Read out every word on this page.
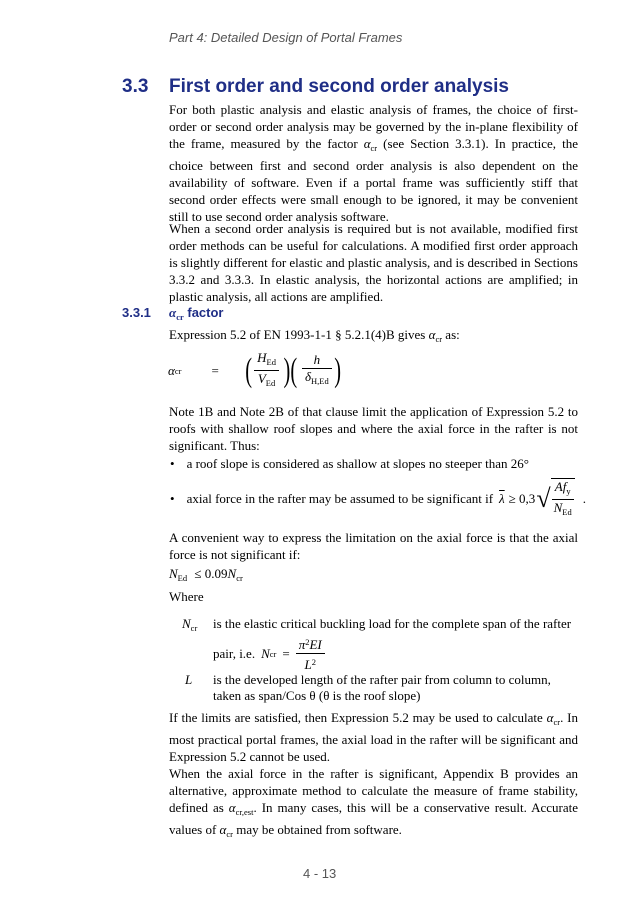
Part 4: Detailed Design of Portal Frames
3.3 First order and second order analysis

For both plastic analysis and elastic analysis of frames, the choice of first-order or second order analysis may be governed by the in-plane flexibility of the frame, measured by the factor $\alpha_{cr}$ (see Section 3.3.1). In practice, the choice between first and second order analysis is also dependent on the availability of software. Even if a portal frame was sufficiently stiff that second order effects were small enough to be ignored, it may be convenient still to use second order analysis software.

When a second order analysis is required but is not available, modified first order methods can be useful for calculations. A modified first order approach is slightly different for elastic and plastic analysis, and is described in Sections 3.3.2 and 3.3.3. In elastic analysis, the horizontal actions are amplified; in plastic analysis, all actions are amplified.
3.3.1 $\alpha_{cr}$ factor
Expression 5.2 of EN 1993-1-1 § 5.2.1(4)B gives $\alpha_{cr}$ as:
α cr = ( $\frac{H_{Ed}}{V_{Ed}}$ )( $\frac{h}{\delta_{H,Ed}}$ )
Note 1B and Note 2B of that clause limit the application of Expression 5.2 to roofs with shallow roof slopes and where the axial force in the rafter is not significant. Thus:
• a roof slope is considered as shallow at slopes no steeper than 26°
• axial force in the rafter may be assumed to be significant if $\overline{\lambda} \ge 0,3$ √ $\frac{Af_y}{N_{Ed}}$ .
A convenient way to express the limitation on the axial force is that the axial force is not significant if:
$N_{Ed} \le 0.09N_{cr}$
Where
$N_{cr}$ is the elastic critical buckling load for the complete span of the rafter
pair, i.e. N cr = $\frac{\pi^2EI}{L^2}$
L is the developed length of the rafter pair from column to column,
taken as span/Cos θ (θ is the roof slope)
If the limits are satisfied, then Expression 5.2 may be used to calculate $\alpha_{cr}$. In most practical portal frames, the axial load in the rafter will be significant and Expression 5.2 cannot be used.
When the axial force in the rafter is significant, Appendix B provides an alternative, approximate method to calculate the measure of frame stability, defined as $\alpha_{cr,est}$. In many cases, this will be a conservative result. Accurate values of $\alpha_{cr}$ may be obtained from software.
4 - 13
